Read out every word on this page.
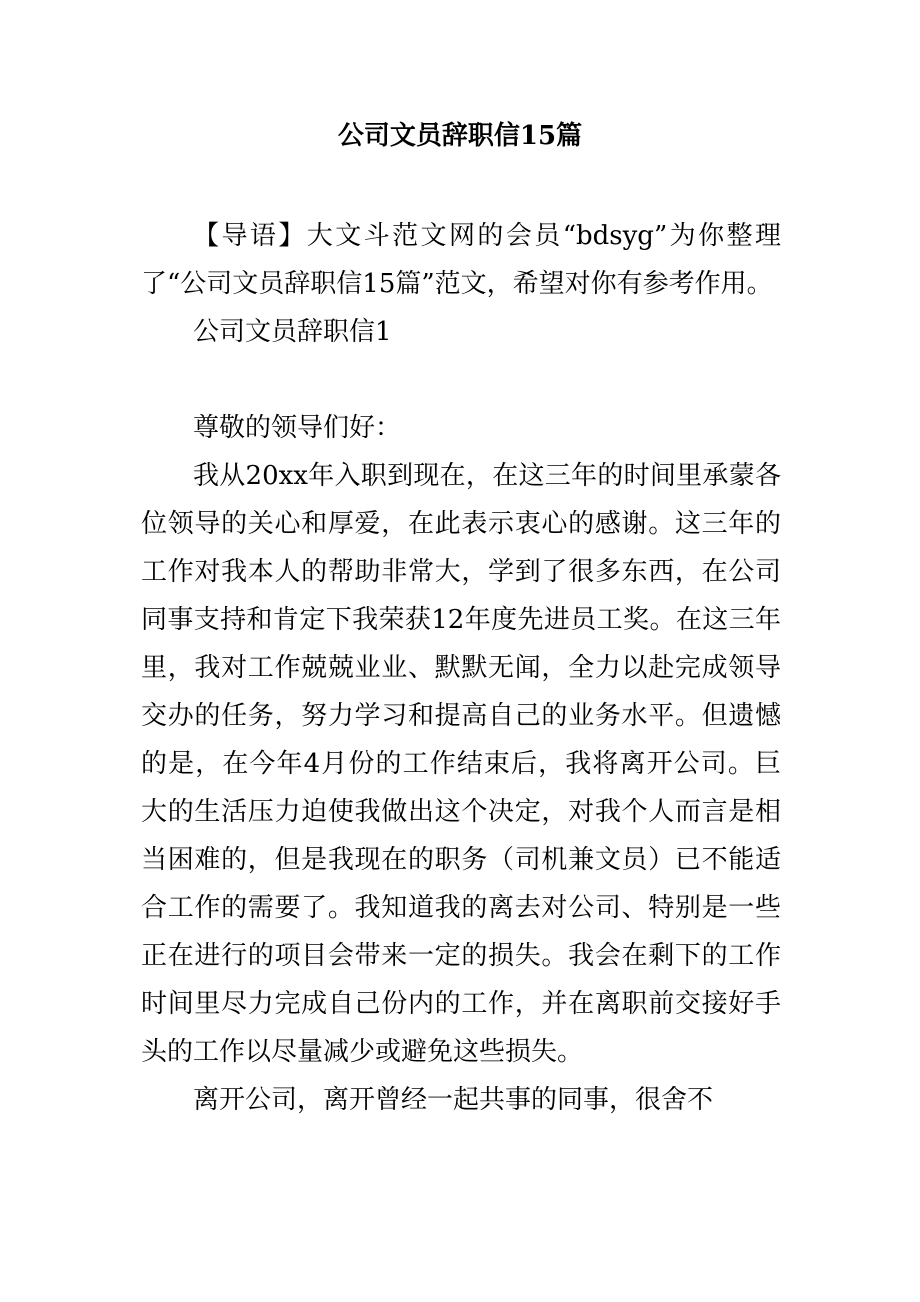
公司文员辞职信15篇

【导语】大文斗范文网的会员“bdsyg”为你整理了“公司文员辞职信15篇”范文，希望对你有参考作用。

公司文员辞职信1

尊敬的领导们好：

我从20xx年入职到现在，在这三年的时间里承蒙各位领导的关心和厚爱，在此表示衷心的感谢。这三年的工作对我本人的帮助非常大，学到了很多东西，在公司同事支持和肯定下我荣获12年度先进员工奖。在这三年里，我对工作兢兢业业、默默无闻，全力以赴完成领导交办的任务，努力学习和提高自己的业务水平。但遗憾的是，在今年4月份的工作结束后，我将离开公司。巨大的生活压力迫使我做出这个决定，对我个人而言是相当困难的，但是我现在的职务（司机兼文员）已不能适合工作的需要了。我知道我的离去对公司、特别是一些正在进行的项目会带来一定的损失。我会在剩下的工作时间里尽力完成自己份内的工作，并在离职前交接好手头的工作以尽量减少或避免这些损失。

离开公司，离开曾经一起共事的同事，很舍不
